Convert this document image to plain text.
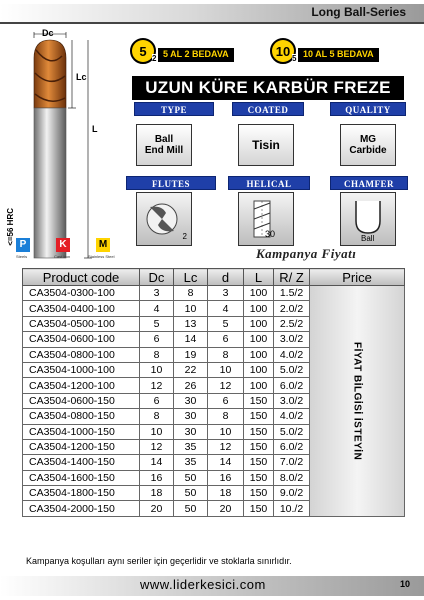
Long Ball-Series
Dc
Lc
L
<=56 HRC
5 2 5 AL 2 BEDAVA	10 5 10 AL 5 BEDAVA
UZUN KÜRE KARBÜR FREZE
TYPE	COATED	QUALITY
Ball
End Mill	Tisin	MG
Carbide
FLUTES	HELICAL	CHAMFER
2	30	Ball
P
Steels
K
Cast Iron
M
Stainless Steel	Kampanya Fiyatı
Product code	Dc	Lc	d	L	R/ Z	Price
CA3504-0300-100	3	8	3	100	1.5/2	FİYAT BİLGİSİ İSTEYİN

CA3504-0400-100	4	10	4	100	2.0/2	
CA3504-0500-100	5	13	5	100	2.5/2	
CA3504-0600-100	6	14	6	100	3.0/2	
CA3504-0800-100	8	19	8	100	4.0/2	
CA3504-1000-100	10	22	10	100	5.0/2	
CA3504-1200-100	12	26	12	100	6.0/2	
CA3504-0600-150	6	30	6	150	3.0/2	
CA3504-0800-150	8	30	8	150	4.0/2	
CA3504-1000-150	10	30	10	150	5.0/2	
CA3504-1200-150	12	35	12	150	6.0/2	
CA3504-1400-150	14	35	14	150	7.0/2	
CA3504-1600-150	16	50	16	150	8.0/2	
CA3504-1800-150	18	50	18	150	9.0/2	
CA3504-2000-150	20	50	20	150	10./2	
Kampanya koşulları aynı seriler için geçerlidir ve stoklarla sınırlıdır.
www.liderkesici.com	10
